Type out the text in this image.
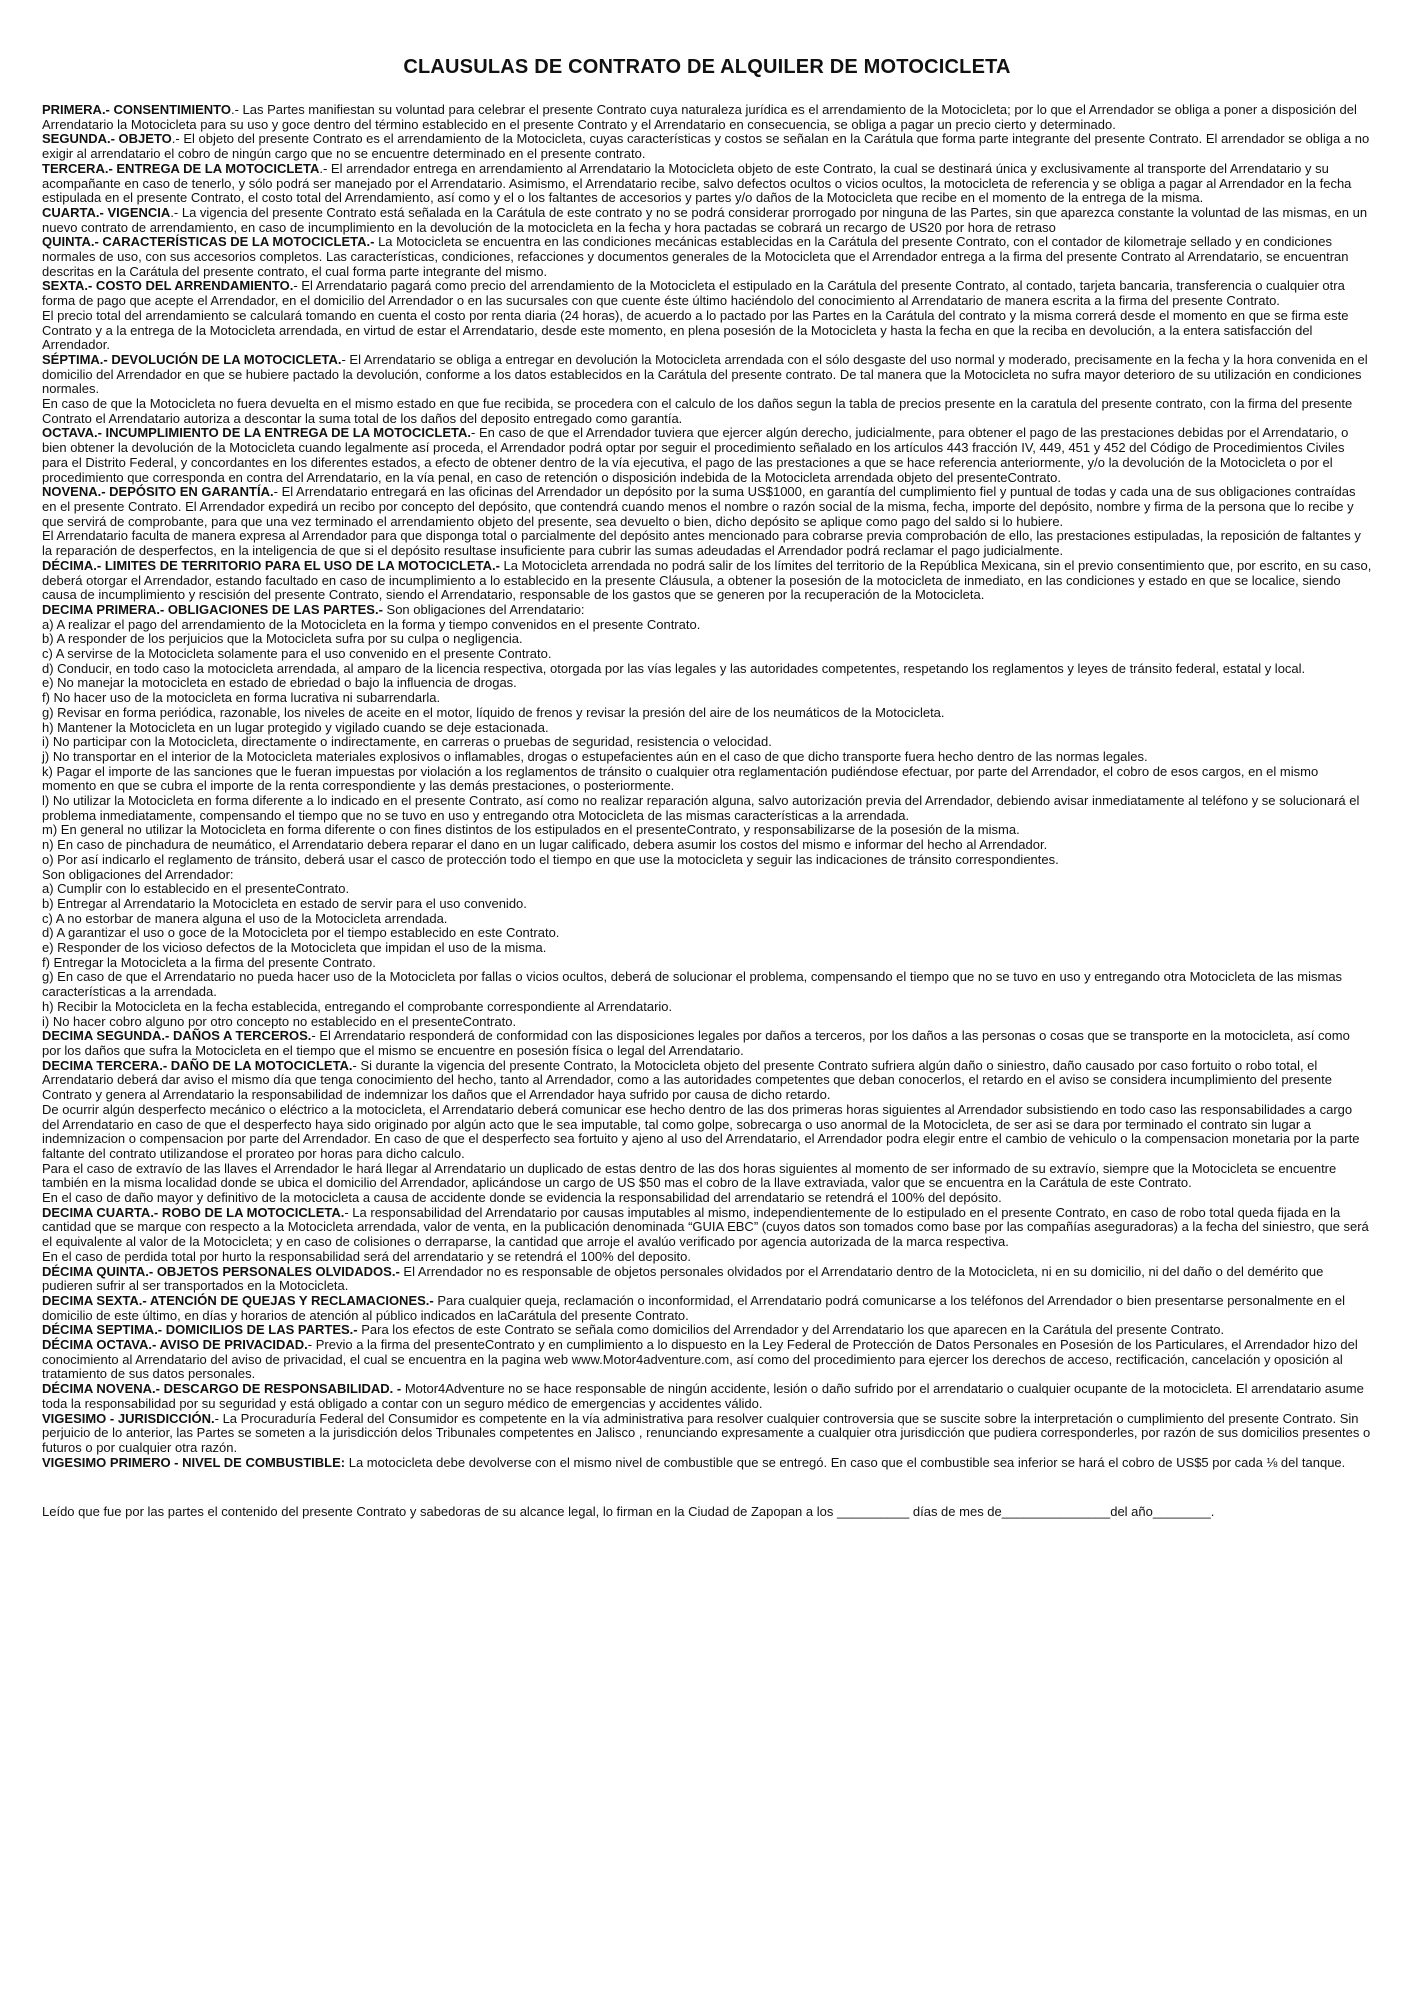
CLAUSULAS DE CONTRATO DE ALQUILER DE MOTOCICLETA

PRIMERA.- CONSENTIMIENTO.- Las Partes manifiestan su voluntad para celebrar el presente Contrato cuya naturaleza jurídica es el arrendamiento de la Motocicleta; por lo que el Arrendador se obliga a poner a disposición del Arrendatario la Motocicleta para su uso y goce dentro del término establecido en el presente Contrato y el Arrendatario en consecuencia, se obliga a pagar un precio cierto y determinado.

SEGUNDA.- OBJETO.- El objeto del presente Contrato es el arrendamiento de la Motocicleta, cuyas características y costos se señalan en la Carátula que forma parte integrante del presente Contrato. El arrendador se obliga a no exigir al arrendatario el cobro de ningún cargo que no se encuentre determinado en el presente contrato.

TERCERA.- ENTREGA DE LA MOTOCICLETA.- El arrendador entrega en arrendamiento al Arrendatario la Motocicleta objeto de este Contrato, la cual se destinará única y exclusivamente al transporte del Arrendatario y su acompañante en caso de tenerlo, y sólo podrá ser manejado por el Arrendatario. Asimismo, el Arrendatario recibe, salvo defectos ocultos o vicios ocultos, la motocicleta de referencia y se obliga a pagar al Arrendador en la fecha estipulada en el presente Contrato, el costo total del Arrendamiento, así como y el o los faltantes de accesorios y partes y/o daños de la Motocicleta que recibe en el momento de la entrega de la misma.

CUARTA.- VIGENCIA.- La vigencia del presente Contrato está señalada en la Carátula de este contrato y no se podrá considerar prorrogado por ninguna de las Partes, sin que aparezca constante la voluntad de las mismas, en un nuevo contrato de arrendamiento, en caso de incumplimiento en la devolución de la motocicleta en la fecha y hora pactadas se cobrará un recargo de US20 por hora de retraso

QUINTA.- CARACTERÍSTICAS DE LA MOTOCICLETA.- La Motocicleta se encuentra en las condiciones mecánicas establecidas en la Carátula del presente Contrato, con el contador de kilometraje sellado y en condiciones normales de uso, con sus accesorios completos. Las características, condiciones, refacciones y documentos generales de la Motocicleta que el Arrendador entrega a la firma del presente Contrato al Arrendatario, se encuentran descritas en la Carátula del presente contrato, el cual forma parte integrante del mismo.

SEXTA.- COSTO DEL ARRENDAMIENTO.- El Arrendatario pagará como precio del arrendamiento de la Motocicleta el estipulado en la Carátula del presente Contrato, al contado, tarjeta bancaria, transferencia o cualquier otra forma de pago que acepte el Arrendador, en el domicilio del Arrendador o en las sucursales con que cuente éste último haciéndolo del conocimiento al Arrendatario de manera escrita a la firma del presente Contrato.

El precio total del arrendamiento se calculará tomando en cuenta el costo por renta diaria (24 horas), de acuerdo a lo pactado por las Partes en la Carátula del contrato y la misma correrá desde el momento en que se firma este Contrato y a la entrega de la Motocicleta arrendada, en virtud de estar el Arrendatario, desde este momento, en plena posesión de la Motocicleta y hasta la fecha en que la reciba en devolución, a la entera satisfacción del Arrendador.

SÉPTIMA.- DEVOLUCIÓN DE LA MOTOCICLETA.- El Arrendatario se obliga a entregar en devolución la Motocicleta arrendada con el sólo desgaste del uso normal y moderado, precisamente en la fecha y la hora convenida en el domicilio del Arrendador en que se hubiere pactado la devolución, conforme a los datos establecidos en la Carátula del presente contrato. De tal manera que la Motocicleta no sufra mayor deterioro de su utilización en condiciones normales.

En caso de que la Motocicleta no fuera devuelta en el mismo estado en que fue recibida, se procedera con el calculo de los daños segun la tabla de precios presente en la caratula del presente contrato, con la firma del presente Contrato el Arrendatario autoriza a descontar la suma total de los daños del deposito entregado como garantía.

OCTAVA.- INCUMPLIMIENTO DE LA ENTREGA DE LA MOTOCICLETA.- En caso de que el Arrendador tuviera que ejercer algún derecho, judicialmente, para obtener el pago de las prestaciones debidas por el Arrendatario, o bien obtener la devolución de la Motocicleta cuando legalmente así proceda, el Arrendador podrá optar por seguir el procedimiento señalado en los artículos 443 fracción IV, 449, 451 y 452 del Código de Procedimientos Civiles para el Distrito Federal, y concordantes en los diferentes estados, a efecto de obtener dentro de la vía ejecutiva, el pago de las prestaciones a que se hace referencia anteriormente, y/o la devolución de la Motocicleta o por el procedimiento que corresponda en contra del Arrendatario, en la vía penal, en caso de retención o disposición indebida de la Motocicleta arrendada objeto del presenteContrato.

NOVENA.- DEPÓSITO EN GARANTÍA.- El Arrendatario entregará en las oficinas del Arrendador un depósito por la suma US$1000, en garantía del cumplimiento fiel y puntual de todas y cada una de sus obligaciones contraídas en el presente Contrato. El Arrendador expedirá un recibo por concepto del depósito, que contendrá cuando menos el nombre o razón social de la misma, fecha, importe del depósito, nombre y firma de la persona que lo recibe y que servirá de comprobante, para que una vez terminado el arrendamiento objeto del presente, sea devuelto o bien, dicho depósito se aplique como pago del saldo si lo hubiere.

El Arrendatario faculta de manera expresa al Arrendador para que disponga total o parcialmente del depósito antes mencionado para cobrarse previa comprobación de ello, las prestaciones estipuladas, la reposición de faltantes y la reparación de desperfectos, en la inteligencia de que si el depósito resultase insuficiente para cubrir las sumas adeudadas el Arrendador podrá reclamar el pago judicialmente.

DÉCIMA.- LIMITES DE TERRITORIO PARA EL USO DE LA MOTOCICLETA.- La Motocicleta arrendada no podrá salir de los límites del territorio de la República Mexicana, sin el previo consentimiento que, por escrito, en su caso, deberá otorgar el Arrendador, estando facultado en caso de incumplimiento a lo establecido en la presente Cláusula, a obtener la posesión de la motocicleta de inmediato, en las condiciones y estado en que se localice, siendo causa de incumplimiento y rescisión del presente Contrato, siendo el Arrendatario, responsable de los gastos que se generen por la recuperación de la Motocicleta.

DECIMA PRIMERA.- OBLIGACIONES DE LAS PARTES.- Son obligaciones del Arrendatario:

a) A realizar el pago del arrendamiento de la Motocicleta en la forma y tiempo convenidos en el presente Contrato.

b) A responder de los perjuicios que la Motocicleta sufra por su culpa o negligencia.

c) A servirse de la Motocicleta solamente para el uso convenido en el presente Contrato.

d) Conducir, en todo caso la motocicleta arrendada, al amparo de la licencia respectiva, otorgada por las vías legales y las autoridades competentes, respetando los reglamentos y leyes de tránsito federal, estatal y local.

e) No manejar la motocicleta en estado de ebriedad o bajo la influencia de drogas.

f) No hacer uso de la motocicleta en forma lucrativa ni subarrendarla.

g) Revisar en forma periódica, razonable, los niveles de aceite en el motor, líquido de frenos y revisar la presión del aire de los neumáticos de la Motocicleta.

h) Mantener la Motocicleta en un lugar protegido y vigilado cuando se deje estacionada.

i) No participar con la Motocicleta, directamente o indirectamente, en carreras o pruebas de seguridad, resistencia o velocidad.

j) No transportar en el interior de la Motocicleta materiales explosivos o inflamables, drogas o estupefacientes aún en el caso de que dicho transporte fuera hecho dentro de las normas legales.

k) Pagar el importe de las sanciones que le fueran impuestas por violación a los reglamentos de tránsito o cualquier otra reglamentación pudiéndose efectuar, por parte del Arrendador, el cobro de esos cargos, en el mismo momento en que se cubra el importe de la renta correspondiente y las demás prestaciones, o posteriormente.

l) No utilizar la Motocicleta en forma diferente a lo indicado en el presente Contrato, así como no realizar reparación alguna, salvo autorización previa del Arrendador, debiendo avisar inmediatamente al teléfono y se solucionará el problema inmediatamente, compensando el tiempo que no se tuvo en uso y entregando otra Motocicleta de las mismas características a la arrendada.

m) En general no utilizar la Motocicleta en forma diferente o con fines distintos de los estipulados en el presenteContrato, y responsabilizarse de la posesión de la misma.

n) En caso de pinchadura de neumático, el Arrendatario debera reparar el dano en un lugar calificado, debera asumir los costos del mismo e informar del hecho al Arrendador.

o) Por así indicarlo el reglamento de tránsito, deberá usar el casco de protección todo el tiempo en que use la motocicleta y seguir las indicaciones de tránsito correspondientes.

Son obligaciones del Arrendador:

a) Cumplir con lo establecido en el presenteContrato.

b) Entregar al Arrendatario la Motocicleta en estado de servir para el uso convenido.

c) A no estorbar de manera alguna el uso de la Motocicleta arrendada.

d) A garantizar el uso o goce de la Motocicleta por el tiempo establecido en este Contrato.

e) Responder de los vicioso defectos de la Motocicleta que impidan el uso de la misma.

f) Entregar la Motocicleta a la firma del presente Contrato.

g) En caso de que el Arrendatario no pueda hacer uso de la Motocicleta por fallas o vicios ocultos, deberá de solucionar el problema, compensando el tiempo que no se tuvo en uso y entregando otra Motocicleta de las mismas características a la arrendada.

h) Recibir la Motocicleta en la fecha establecida, entregando el comprobante correspondiente al Arrendatario.

i) No hacer cobro alguno por otro concepto no establecido en el presenteContrato.

DECIMA SEGUNDA.- DAÑOS A TERCEROS.- El Arrendatario responderá de conformidad con las disposiciones legales por daños a terceros, por los daños a las personas o cosas que se transporte en la motocicleta, así como por los daños que sufra la Motocicleta en el tiempo que el mismo se encuentre en posesión física o legal del Arrendatario.

DECIMA TERCERA.- DAÑO DE LA MOTOCICLETA.- Si durante la vigencia del presente Contrato, la Motocicleta objeto del presente Contrato sufriera algún daño o siniestro, daño causado por caso fortuito o robo total, el Arrendatario deberá dar aviso el mismo día que tenga conocimiento del hecho, tanto al Arrendador, como a las autoridades competentes que deban conocerlos, el retardo en el aviso se considera incumplimiento del presente Contrato y genera al Arrendatario la responsabilidad de indemnizar los daños que el Arrendador haya sufrido por causa de dicho retardo.

De ocurrir algún desperfecto mecánico o eléctrico a la motocicleta, el Arrendatario deberá comunicar ese hecho dentro de las dos primeras horas siguientes al Arrendador subsistiendo en todo caso las responsabilidades a cargo del Arrendatario en caso de que el desperfecto haya sido originado por algún acto que le sea imputable, tal como golpe, sobrecarga o uso anormal de la Motocicleta, de ser asi se dara por terminado el contrato sin lugar a indemnizacion o compensacion por parte del Arrendador. En caso de que el desperfecto sea fortuito y ajeno al uso del Arrendatario, el Arrendador podra elegir entre el cambio de vehiculo o la compensacion monetaria por la parte faltante del contrato utilizandose el prorateo por horas para dicho calculo.

Para el caso de extravío de las llaves el Arrendador le hará llegar al Arrendatario un duplicado de estas dentro de las dos horas siguientes al momento de ser informado de su extravío, siempre que la Motocicleta se encuentre también en la misma localidad donde se ubica el domicilio del Arrendador, aplicándose un cargo de US $50 mas el cobro de la llave extraviada, valor que se encuentra en la Carátula de este Contrato.

En el caso de daño mayor y definitivo de la motocicleta a causa de accidente donde se evidencia la responsabilidad del arrendatario se retendrá el 100% del depósito.

DECIMA CUARTA.- ROBO DE LA MOTOCICLETA.- La responsabilidad del Arrendatario por causas imputables al mismo, independientemente de lo estipulado en el presente Contrato, en caso de robo total queda fijada en la cantidad que se marque con respecto a la Motocicleta arrendada, valor de venta, en la publicación denominada “GUIA EBC” (cuyos datos son tomados como base por las compañías aseguradoras) a la fecha del siniestro, que será el equivalente al valor de la Motocicleta; y en caso de colisiones o derraparse, la cantidad que arroje el avalúo verificado por agencia autorizada de la marca respectiva.

En el caso de perdida total por hurto la responsabilidad será del arrendatario y se retendrá el 100% del deposito.

DÉCIMA QUINTA.- OBJETOS PERSONALES OLVIDADOS.- El Arrendador no es responsable de objetos personales olvidados por el Arrendatario dentro de la Motocicleta, ni en su domicilio, ni del daño o del demérito que pudieren sufrir al ser transportados en la Motocicleta.

DECIMA SEXTA.- ATENCIÓN DE QUEJAS Y RECLAMACIONES.- Para cualquier queja, reclamación o inconformidad, el Arrendatario podrá comunicarse a los teléfonos del Arrendador o bien presentarse personalmente en el domicilio de este último, en días y horarios de atención al público indicados en laCarátula del presente Contrato.

DÉCIMA SEPTIMA.- DOMICILIOS DE LAS PARTES.- Para los efectos de este Contrato se señala como domicilios del Arrendador y del Arrendatario los que aparecen en la Carátula del presente Contrato.

DÉCIMA OCTAVA.- AVISO DE PRIVACIDAD.- Previo a la firma del presenteContrato y en cumplimiento a lo dispuesto en la Ley Federal de Protección de Datos Personales en Posesión de los Particulares, el Arrendador hizo del conocimiento al Arrendatario del aviso de privacidad, el cual se encuentra en la pagina web www.Motor4adventure.com, así como del procedimiento para ejercer los derechos de acceso, rectificación, cancelación y oposición al tratamiento de sus datos personales.

DÉCIMA NOVENA.- DESCARGO DE RESPONSABILIDAD. - Motor4Adventure no se hace responsable de ningún accidente, lesión o daño sufrido por el arrendatario o cualquier ocupante de la motocicleta. El arrendatario asume toda la responsabilidad por su seguridad y está obligado a contar con un seguro médico de emergencias y accidentes válido.

VIGESIMO - JURISDICCIÓN.- La Procuraduría Federal del Consumidor es competente en la vía administrativa para resolver cualquier controversia que se suscite sobre la interpretación o cumplimiento del presente Contrato. Sin perjuicio de lo anterior, las Partes se someten a la jurisdicción delos Tribunales competentes en Jalisco , renunciando expresamente a cualquier otra jurisdicción que pudiera corresponderles, por razón de sus domicilios presentes o futuros o por cualquier otra razón.

VIGESIMO PRIMERO - NIVEL DE COMBUSTIBLE: La motocicleta debe devolverse con el mismo nivel de combustible que se entregó. En caso que el combustible sea inferior se hará el cobro de US$5 por cada ⅛ del tanque.

Leído que fue por las partes el contenido del presente Contrato y sabedoras de su alcance legal, lo firman en la Ciudad de Zapopan a los __________ días de mes de_______________del año________.
